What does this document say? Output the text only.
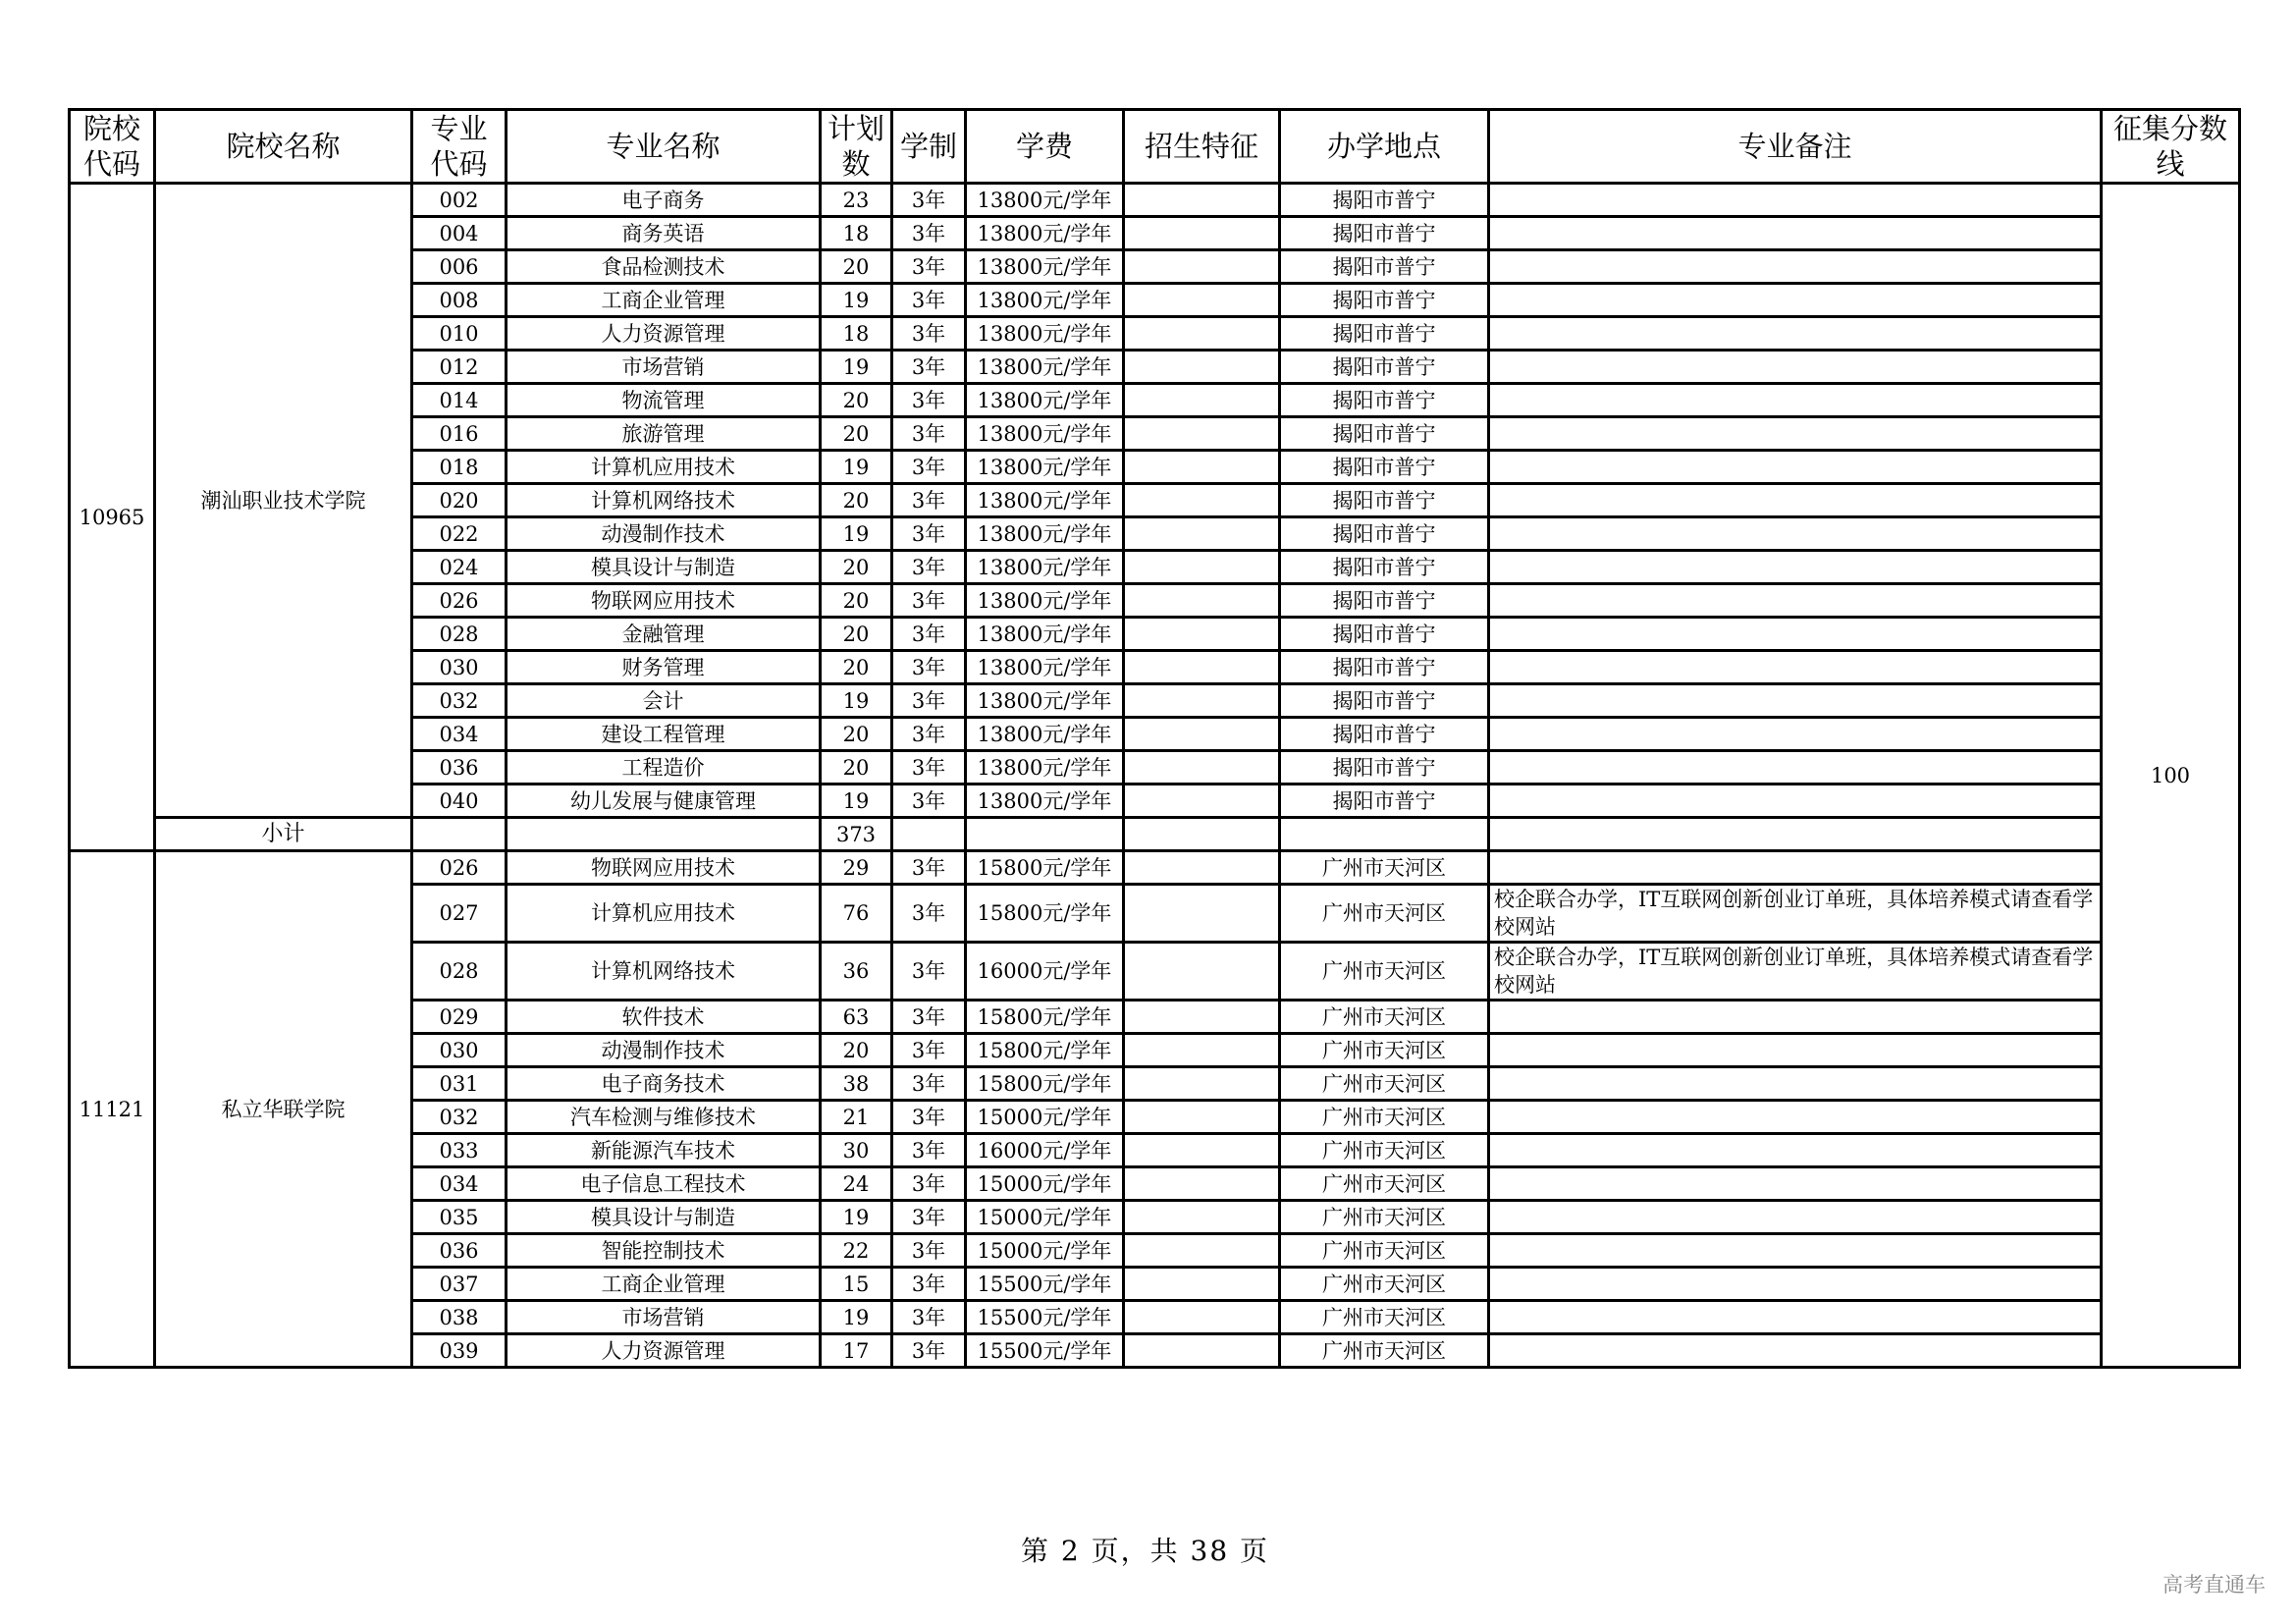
院校代码	院校名称	专业代码	专业名称	计划数	学制	学费	招生特征	办学地点	专业备注	征集分数线
10965	潮汕职业技术学院	002	电子商务	23	3年	13800元/学年		揭阳市普宁		100
		004	商务英语	18	3年	13800元/学年		揭阳市普宁		
		006	食品检测技术	20	3年	13800元/学年		揭阳市普宁		
		008	工商企业管理	19	3年	13800元/学年		揭阳市普宁		
		010	人力资源管理	18	3年	13800元/学年		揭阳市普宁		
		012	市场营销	19	3年	13800元/学年		揭阳市普宁		
		014	物流管理	20	3年	13800元/学年		揭阳市普宁		
		016	旅游管理	20	3年	13800元/学年		揭阳市普宁		
		018	计算机应用技术	19	3年	13800元/学年		揭阳市普宁		
		020	计算机网络技术	20	3年	13800元/学年		揭阳市普宁		
		022	动漫制作技术	19	3年	13800元/学年		揭阳市普宁		
		024	模具设计与制造	20	3年	13800元/学年		揭阳市普宁		
		026	物联网应用技术	20	3年	13800元/学年		揭阳市普宁		
		028	金融管理	20	3年	13800元/学年		揭阳市普宁		
		030	财务管理	20	3年	13800元/学年		揭阳市普宁		
		032	会计	19	3年	13800元/学年		揭阳市普宁		
		034	建设工程管理	20	3年	13800元/学年		揭阳市普宁		
		036	工程造价	20	3年	13800元/学年		揭阳市普宁		
		040	幼儿发展与健康管理	19	3年	13800元/学年		揭阳市普宁		
	小计			373						
11121	私立华联学院	026	物联网应用技术	29	3年	15800元/学年		广州市天河区		
		027	计算机应用技术	76	3年	15800元/学年		广州市天河区	校企联合办学，IT互联网创新创业订单班，具体培养模式请查看学校网站	
		028	计算机网络技术	36	3年	16000元/学年		广州市天河区	校企联合办学，IT互联网创新创业订单班，具体培养模式请查看学校网站	
		029	软件技术	63	3年	15800元/学年		广州市天河区		
		030	动漫制作技术	20	3年	15800元/学年		广州市天河区		
		031	电子商务技术	38	3年	15800元/学年		广州市天河区		
		032	汽车检测与维修技术	21	3年	15000元/学年		广州市天河区		
		033	新能源汽车技术	30	3年	16000元/学年		广州市天河区		
		034	电子信息工程技术	24	3年	15000元/学年		广州市天河区		
		035	模具设计与制造	19	3年	15000元/学年		广州市天河区		
		036	智能控制技术	22	3年	15000元/学年		广州市天河区		
		037	工商企业管理	15	3年	15500元/学年		广州市天河区		
		038	市场营销	19	3年	15500元/学年		广州市天河区		
		039	人力资源管理	17	3年	15500元/学年		广州市天河区		
第 2 页，共 38 页
高考直通车
